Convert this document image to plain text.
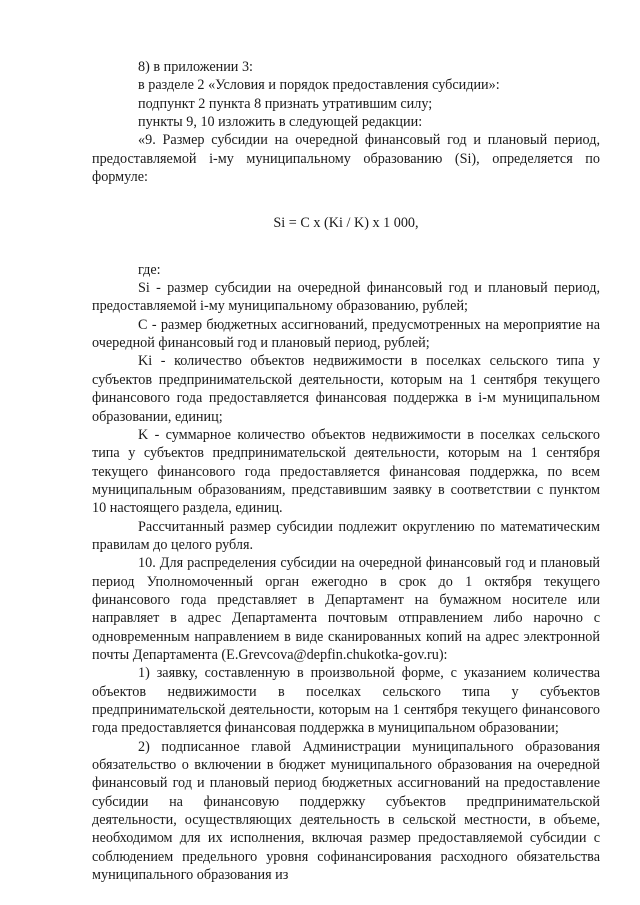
8) в приложении 3:

в разделе 2 «Условия и порядок предоставления субсидии»:

подпункт 2 пункта 8 признать утратившим силу;

пункты 9, 10 изложить в следующей редакции:

«9. Размер субсидии на очередной финансовый год и плановый период, предоставляемой i-му муниципальному образованию (Si), определяется по формуле:

Si = C x (Ki / K) x 1 000,

где:

Si - размер субсидии на очередной финансовый год и плановый период, предоставляемой i-му муниципальному образованию, рублей;

С - размер бюджетных ассигнований, предусмотренных на мероприятие на очередной финансовый год и плановый период, рублей;

Ki - количество объектов недвижимости в поселках сельского типа у субъектов предпринимательской деятельности, которым на 1 сентября текущего финансового года предоставляется финансовая поддержка в i-м муниципальном образовании, единиц;

K - суммарное количество объектов недвижимости в поселках сельского типа у субъектов предпринимательской деятельности, которым на 1 сентября текущего финансового года предоставляется финансовая поддержка, по всем муниципальным образованиям, представившим заявку в соответствии с пунктом 10 настоящего раздела, единиц.

Рассчитанный размер субсидии подлежит округлению по математическим правилам до целого рубля.

10. Для распределения субсидии на очередной финансовый год и плановый период Уполномоченный орган ежегодно в срок до 1 октября текущего финансового года представляет в Департамент на бумажном носителе или направляет в адрес Департамента почтовым отправлением либо нарочно с одновременным направлением в виде сканированных копий на адрес электронной почты Департамента (E.Grevcova@depfin.chukotka-gov.ru):

1) заявку, составленную в произвольной форме, с указанием количества объектов недвижимости в поселках сельского типа у субъектов предпринимательской деятельности, которым на 1 сентября текущего финансового года предоставляется финансовая поддержка в муниципальном образовании;

2) подписанное главой Администрации муниципального образования обязательство о включении в бюджет муниципального образования на очередной финансовый год и плановый период бюджетных ассигнований на предоставление субсидии на финансовую поддержку субъектов предпринимательской деятельности, осуществляющих деятельность в сельской местности, в объеме, необходимом для их исполнения, включая размер предоставляемой субсидии с соблюдением предельного уровня софинансирования расходного обязательства муниципального образования из
